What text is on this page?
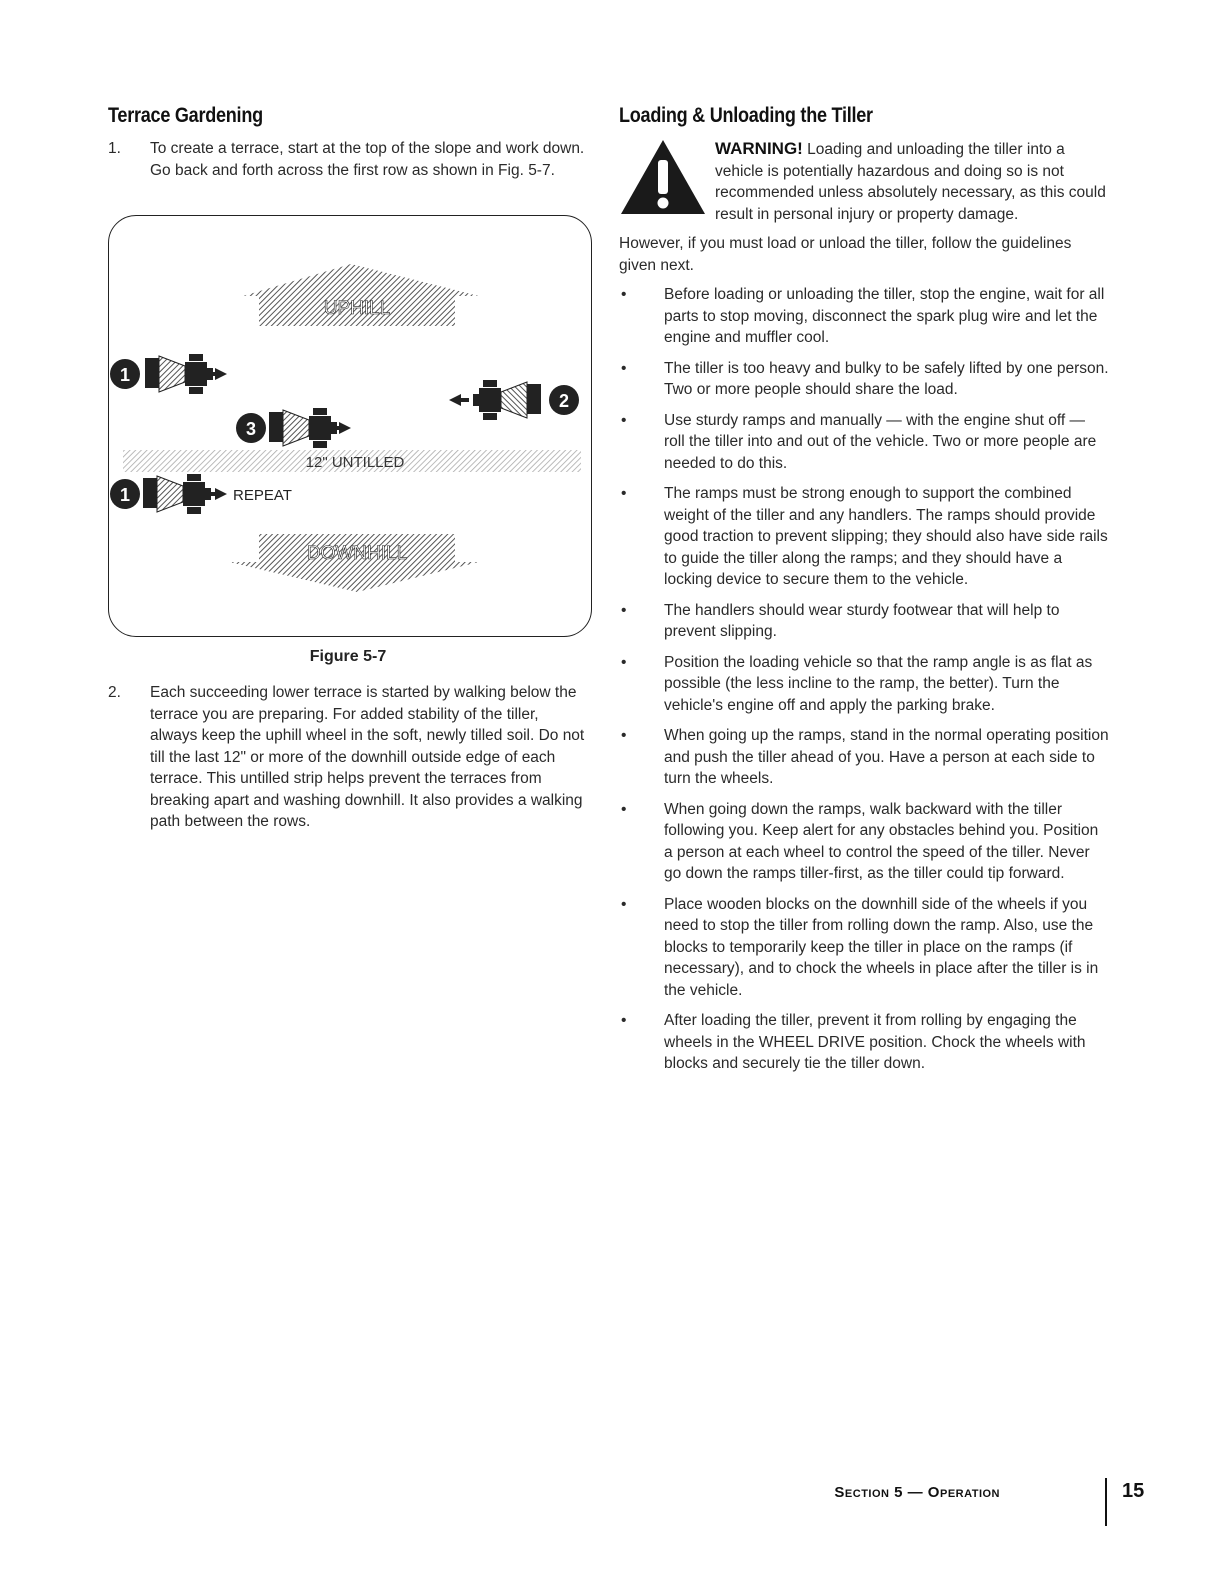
Terrace Gardening
1.	To create a terrace, start at the top of the slope and work down. Go back and forth across the first row as shown in Fig. 5-7.
UPHILL
1
2
3
12" UNTILLED
1	REPEAT
DOWNHILL
Figure 5-7
2.	Each succeeding lower terrace is started by walking below the terrace you are preparing. For added stability of the tiller, always keep the uphill wheel in the soft, newly tilled soil. Do not till the last 12" or more of the downhill outside edge of each terrace. This untilled strip helps prevent the terraces from breaking apart and washing downhill. It also provides a walking path between the rows.
Loading & Unloading the Tiller
WARNING! Loading and unloading the tiller into a vehicle is potentially hazardous and doing so is not recommended unless absolutely necessary, as this could result in personal injury or property damage.
However, if you must load or unload the tiller, follow the guidelines given next.
•	Before loading or unloading the tiller, stop the engine, wait for all parts to stop moving, disconnect the spark plug wire and let the engine and muffler cool.
•	The tiller is too heavy and bulky to be safely lifted by one person. Two or more people should share the load.
•	Use sturdy ramps and manually — with the engine shut off — roll the tiller into and out of the vehicle. Two or more people are needed to do this.
•	The ramps must be strong enough to support the combined weight of the tiller and any handlers. The ramps should provide good traction to prevent slipping; they should also have side rails to guide the tiller along the ramps; and they should have a locking device to secure them to the vehicle.
•	The handlers should wear sturdy footwear that will help to prevent slipping.
•	Position the loading vehicle so that the ramp angle is as flat as possible (the less incline to the ramp, the better). Turn the vehicle's engine off and apply the parking brake.
•	When going up the ramps, stand in the normal operating position and push the tiller ahead of you. Have a person at each side to turn the wheels.
•	When going down the ramps, walk backward with the tiller following you. Keep alert for any obstacles behind you. Position a person at each wheel to control the speed of the tiller. Never go down the ramps tiller-first, as the tiller could tip forward.
•	Place wooden blocks on the downhill side of the wheels if you need to stop the tiller from rolling down the ramp. Also, use the blocks to temporarily keep the tiller in place on the ramps (if necessary), and to chock the wheels in place after the tiller is in the vehicle.
•	After loading the tiller, prevent it from rolling by engaging the wheels in the WHEEL DRIVE position. Chock the wheels with blocks and securely tie the tiller down.
Section 5 — Operation	15
